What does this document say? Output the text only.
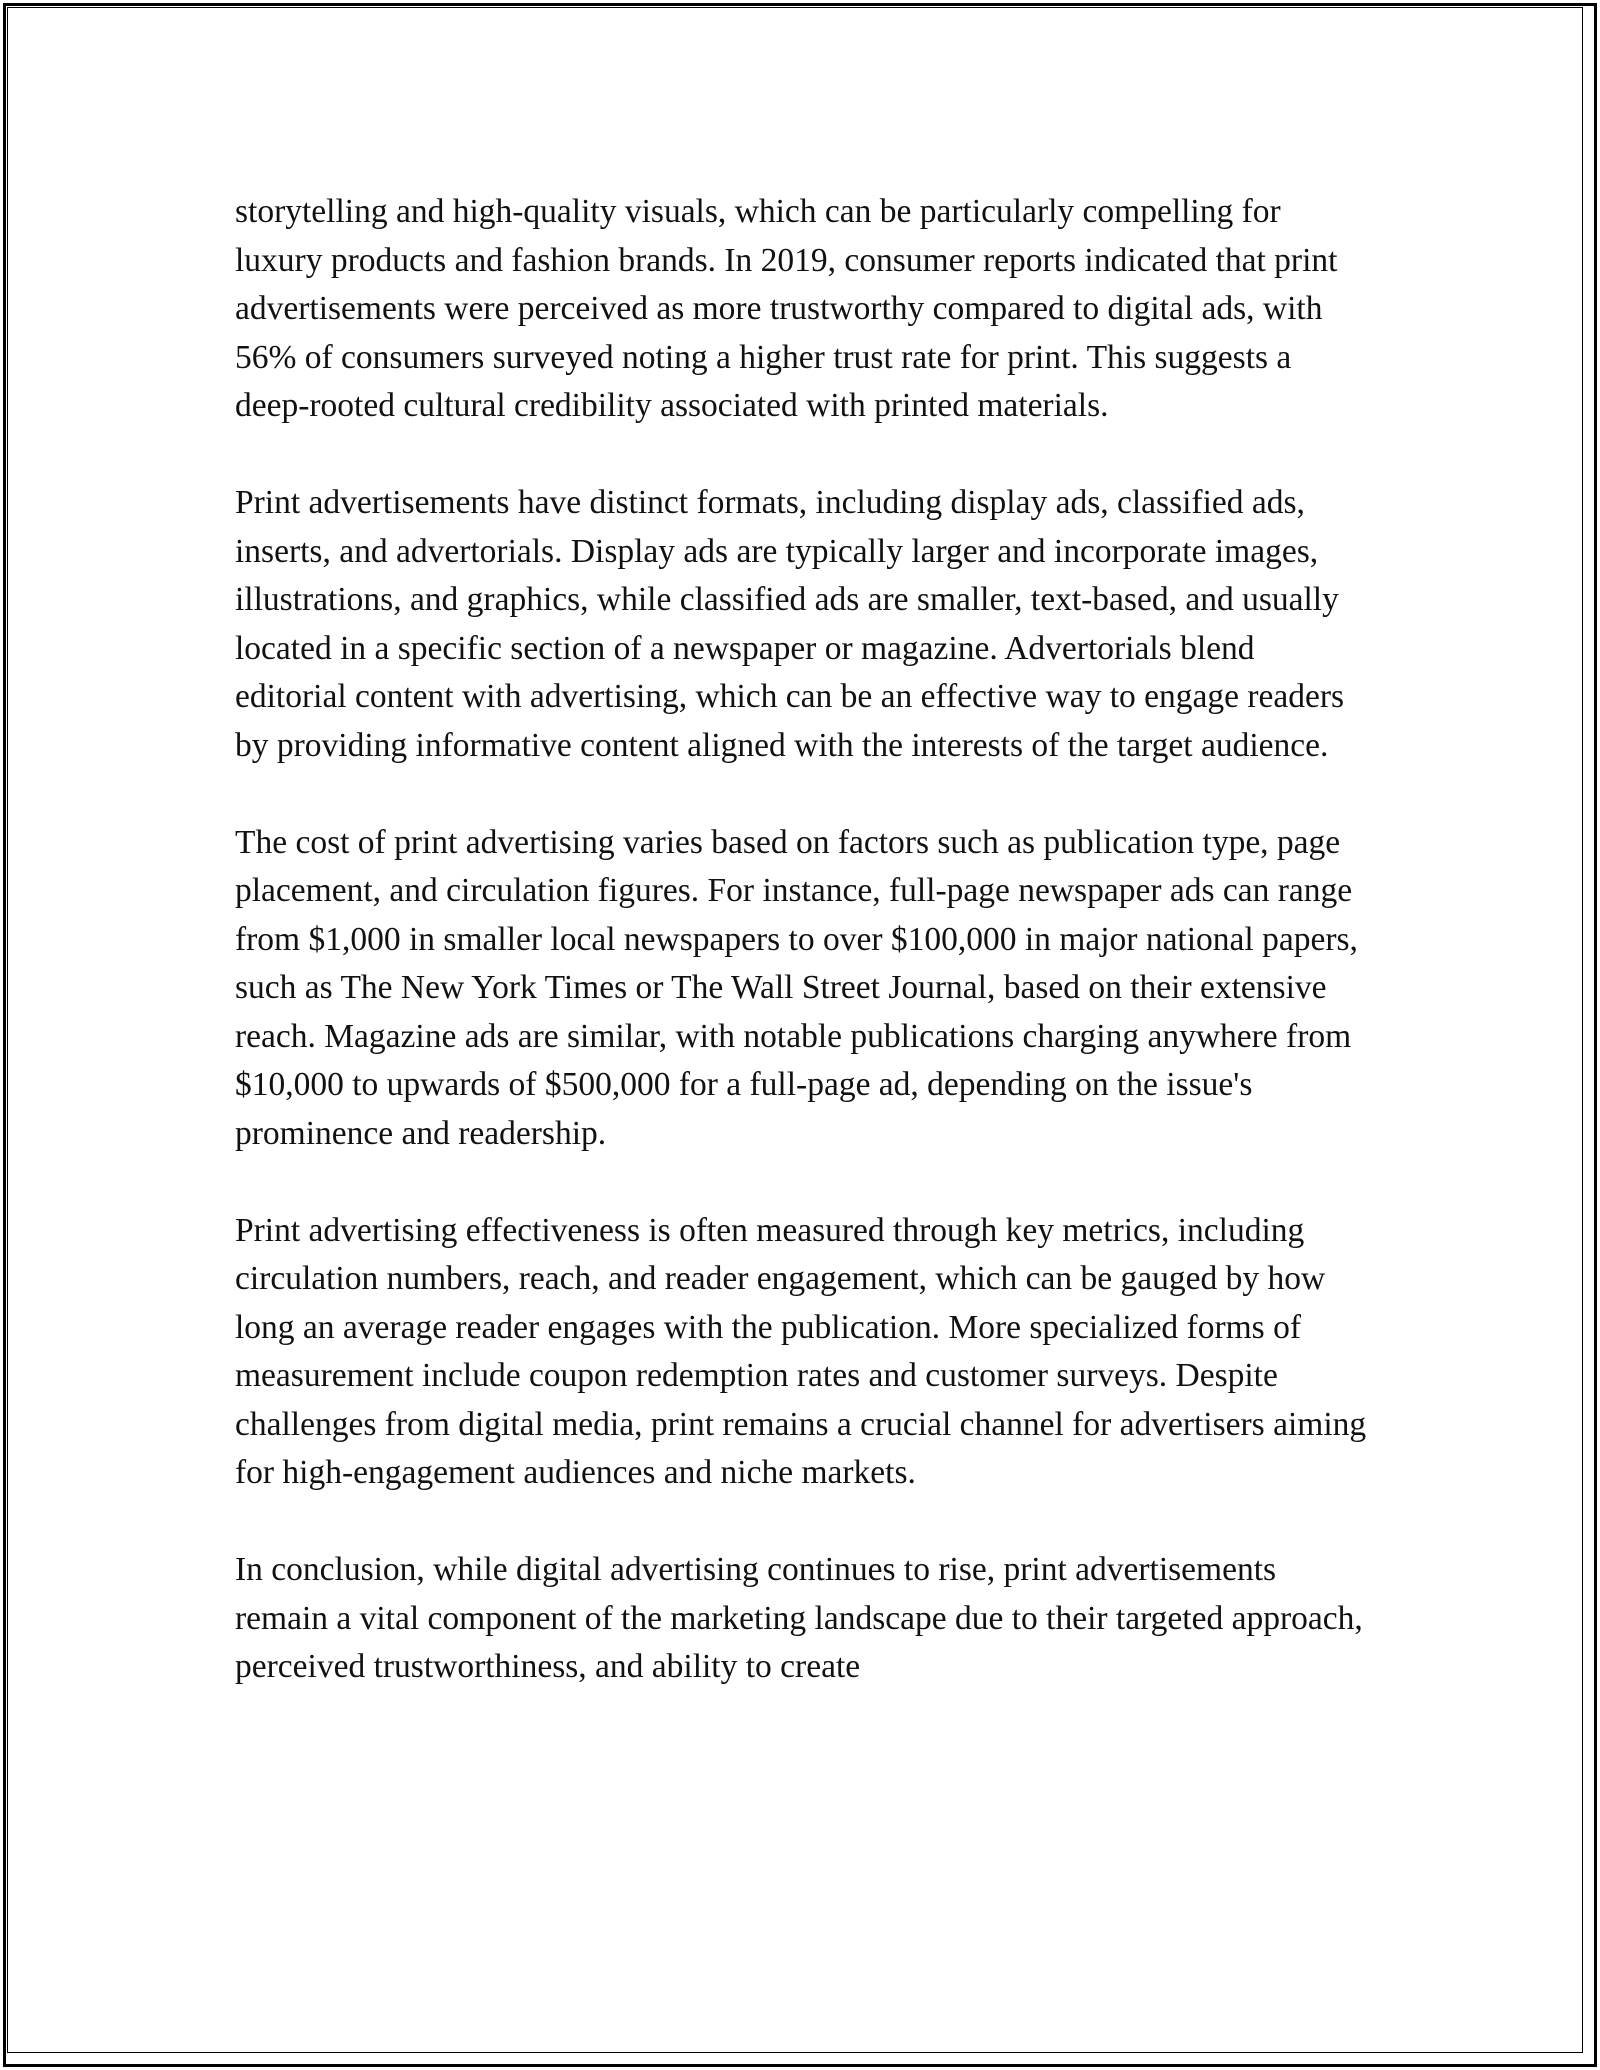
storytelling and high-quality visuals, which can be particularly compelling for luxury products and fashion brands. In 2019, consumer reports indicated that print advertisements were perceived as more trustworthy compared to digital ads, with 56% of consumers surveyed noting a higher trust rate for print. This suggests a deep-rooted cultural credibility associated with printed materials.

Print advertisements have distinct formats, including display ads, classified ads, inserts, and advertorials. Display ads are typically larger and incorporate images, illustrations, and graphics, while classified ads are smaller, text-based, and usually located in a specific section of a newspaper or magazine. Advertorials blend editorial content with advertising, which can be an effective way to engage readers by providing informative content aligned with the interests of the target audience.

The cost of print advertising varies based on factors such as publication type, page placement, and circulation figures. For instance, full-page newspaper ads can range from $1,000 in smaller local newspapers to over $100,000 in major national papers, such as The New York Times or The Wall Street Journal, based on their extensive reach. Magazine ads are similar, with notable publications charging anywhere from $10,000 to upwards of $500,000 for a full-page ad, depending on the issue's prominence and readership.

Print advertising effectiveness is often measured through key metrics, including circulation numbers, reach, and reader engagement, which can be gauged by how long an average reader engages with the publication. More specialized forms of measurement include coupon redemption rates and customer surveys. Despite challenges from digital media, print remains a crucial channel for advertisers aiming for high-engagement audiences and niche markets.

In conclusion, while digital advertising continues to rise, print advertisements remain a vital component of the marketing landscape due to their targeted approach, perceived trustworthiness, and ability to create
